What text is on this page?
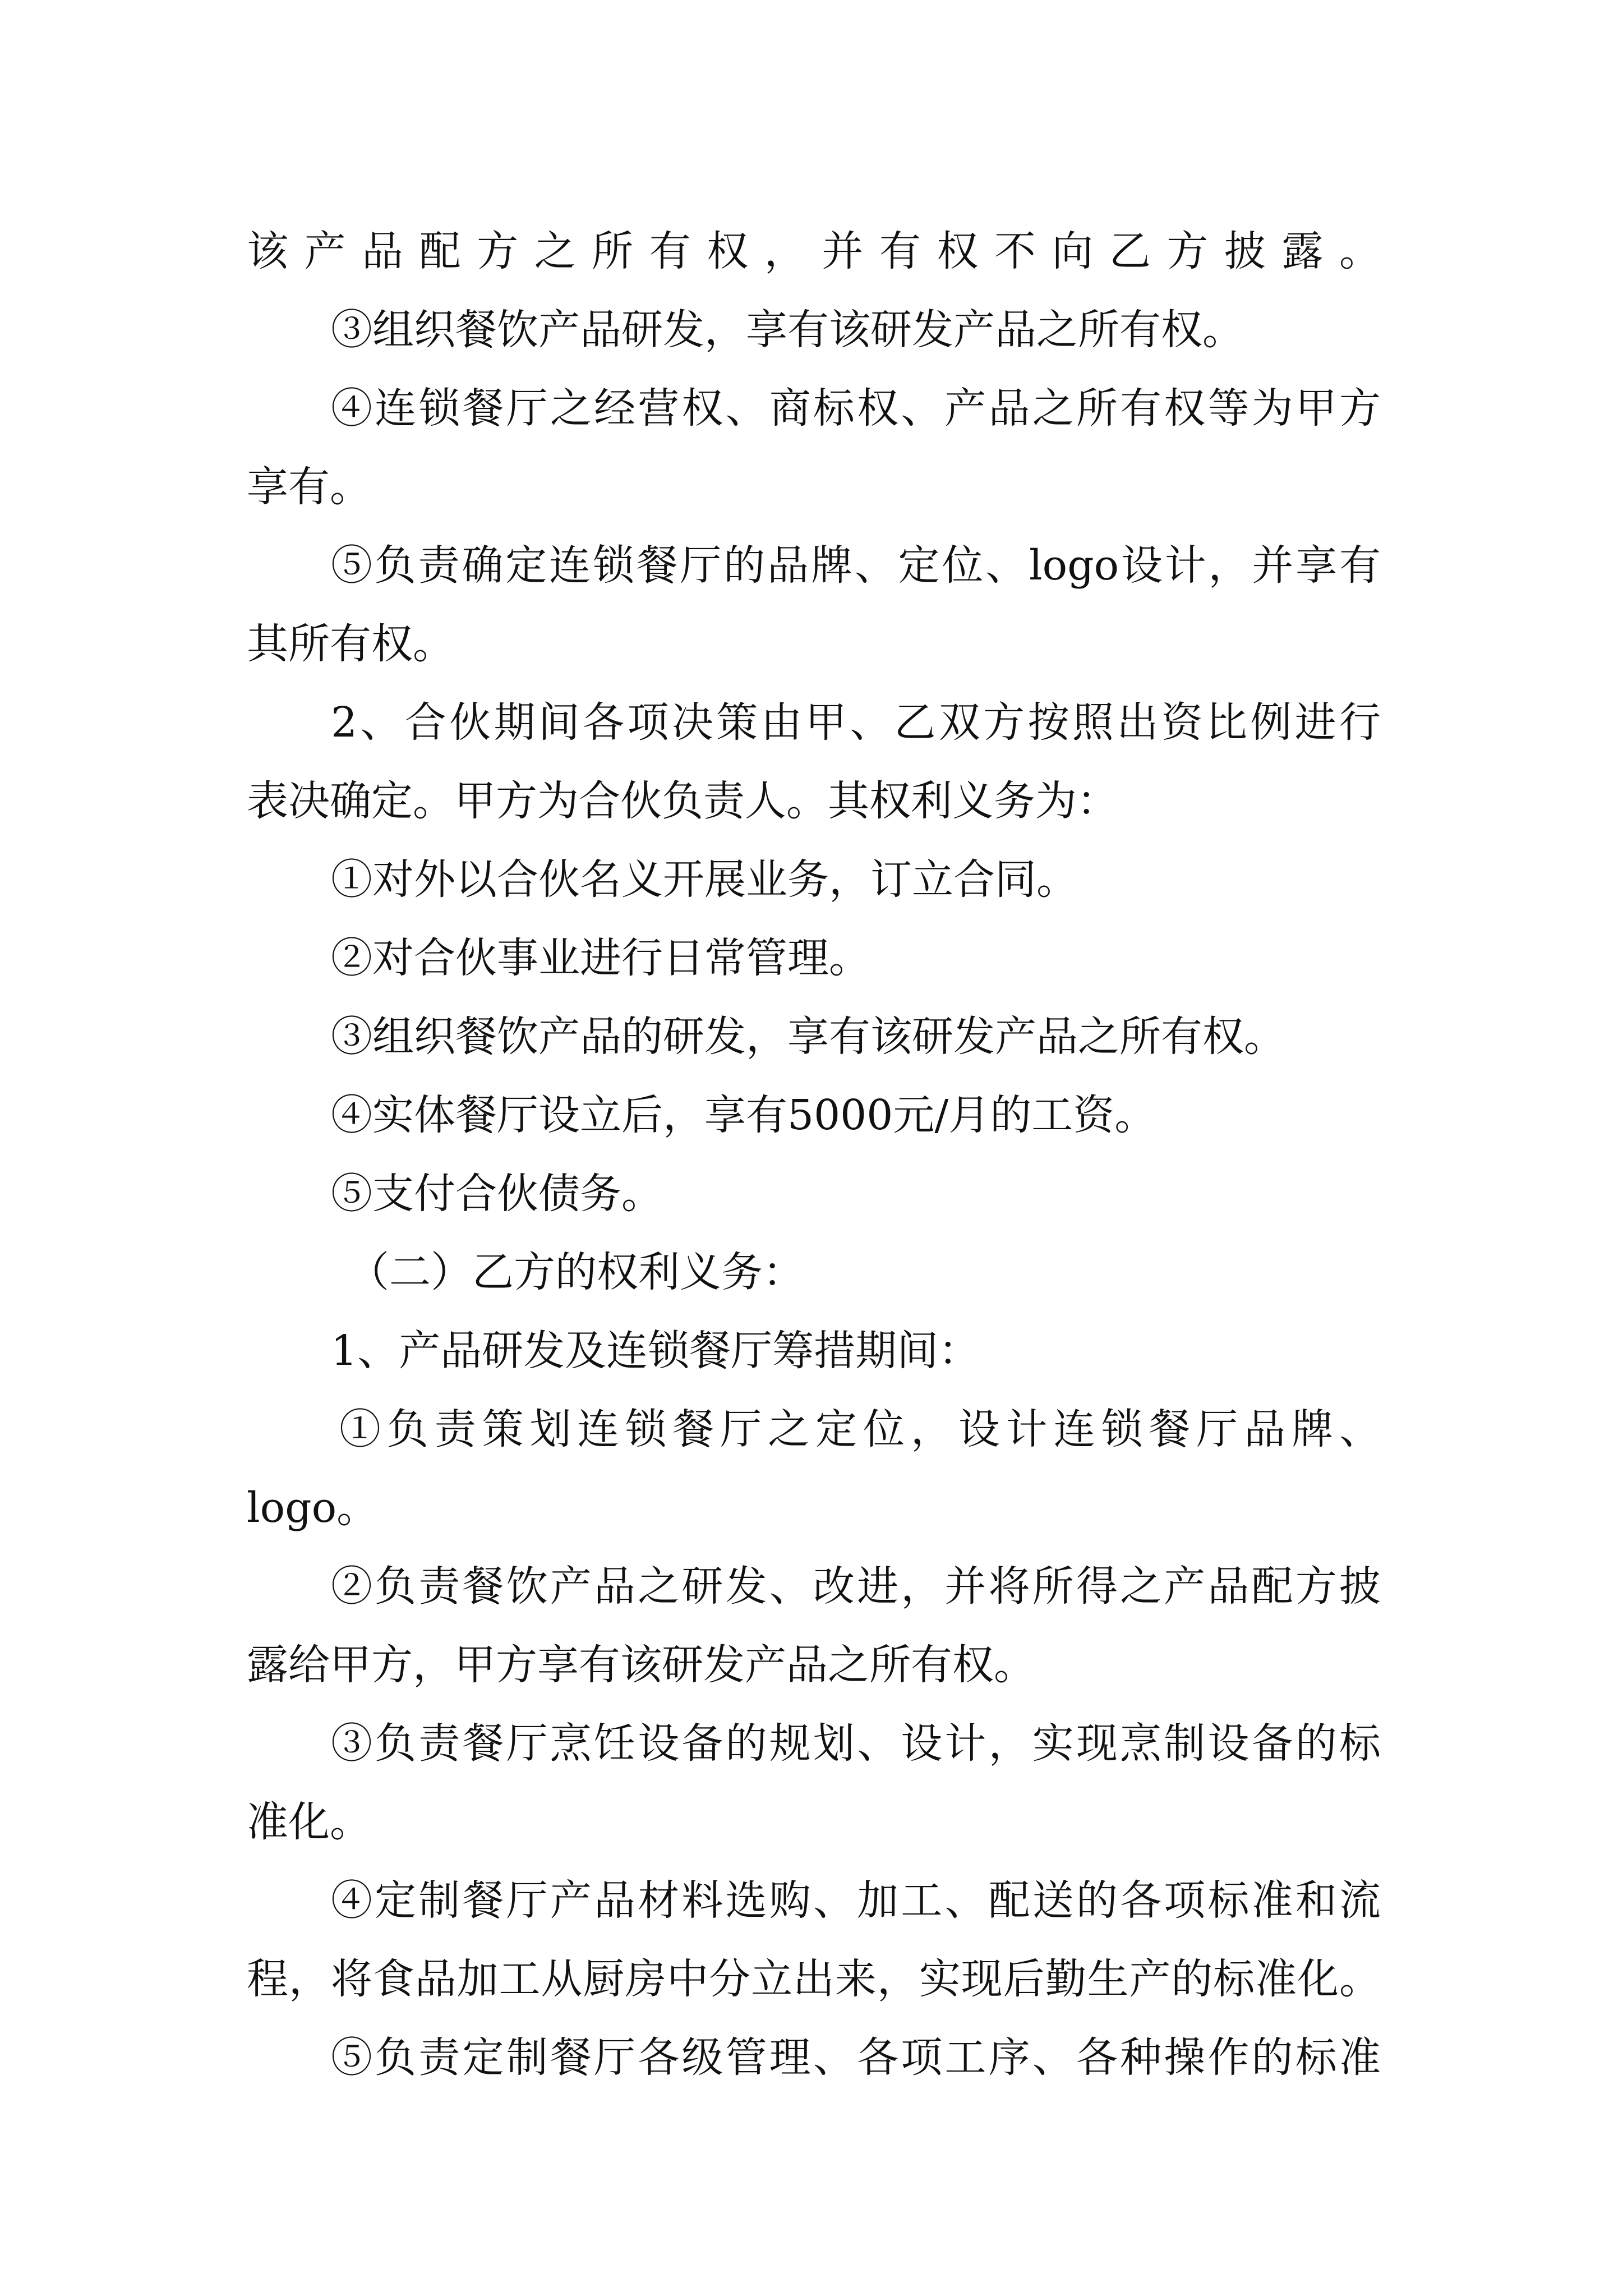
该产品配方之所有权，并有权不向乙方披露。
③组织餐饮产品研发，享有该研发产品之所有权。
④连锁餐厅之经营权、商标权、产品之所有权等为甲方
享有。
⑤负责确定连锁餐厅的品牌、定位、logo设计，并享有
其所有权。
2、合伙期间各项决策由甲、乙双方按照出资比例进行
表决确定。甲方为合伙负责人。其权利义务为：
①对外以合伙名义开展业务，订立合同。
②对合伙事业进行日常管理。
③组织餐饮产品的研发，享有该研发产品之所有权。
④实体餐厅设立后，享有5000元/月的工资。
⑤支付合伙债务。
（二）乙方的权利义务：
1、产品研发及连锁餐厅筹措期间：
①负责策划连锁餐厅之定位，设计连锁餐厅品牌、
logo。
②负责餐饮产品之研发、改进，并将所得之产品配方披
露给甲方，甲方享有该研发产品之所有权。
③负责餐厅烹饪设备的规划、设计，实现烹制设备的标
准化。
④定制餐厅产品材料选购、加工、配送的各项标准和流
程，将食品加工从厨房中分立出来，实现后勤生产的标准化。
⑤负责定制餐厅各级管理、各项工序、各种操作的标准
